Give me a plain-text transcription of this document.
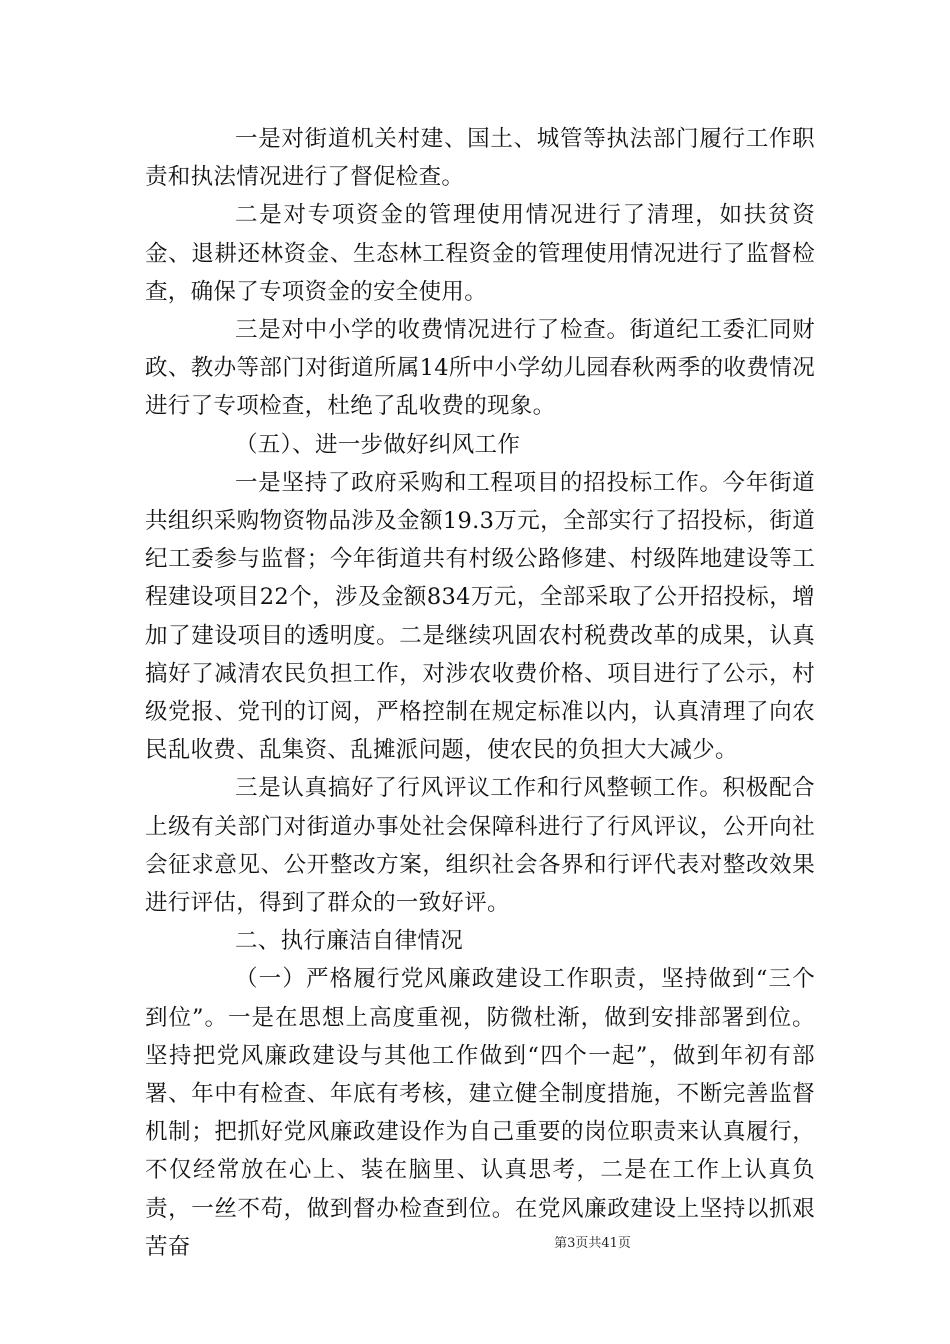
一是对街道机关村建、国土、城管等执法部门履行工作职责和执法情况进行了督促检查。

二是对专项资金的管理使用情况进行了清理，如扶贫资金、退耕还林资金、生态林工程资金的管理使用情况进行了监督检查，确保了专项资金的安全使用。

三是对中小学的收费情况进行了检查。街道纪工委汇同财政、教办等部门对街道所属14所中小学幼儿园春秋两季的收费情况进行了专项检查，杜绝了乱收费的现象。

（五）、进一步做好纠风工作

一是坚持了政府采购和工程项目的招投标工作。今年街道共组织采购物资物品涉及金额19.3万元，全部实行了招投标，街道纪工委参与监督；今年街道共有村级公路修建、村级阵地建设等工程建设项目22个，涉及金额834万元，全部采取了公开招投标，增加了建设项目的透明度。二是继续巩固农村税费改革的成果，认真搞好了减清农民负担工作，对涉农收费价格、项目进行了公示，村级党报、党刊的订阅，严格控制在规定标准以内，认真清理了向农民乱收费、乱集资、乱摊派问题，使农民的负担大大减少。

三是认真搞好了行风评议工作和行风整顿工作。积极配合上级有关部门对街道办事处社会保障科进行了行风评议，公开向社会征求意见、公开整改方案，组织社会各界和行评代表对整改效果进行评估，得到了群众的一致好评。

二、执行廉洁自律情况

（一）严格履行党风廉政建设工作职责，坚持做到“三个到位”。一是在思想上高度重视，防微杜渐，做到安排部署到位。坚持把党风廉政建设与其他工作做到“四个一起”，做到年初有部署、年中有检查、年底有考核，建立健全制度措施，不断完善监督机制；把抓好党风廉政建设作为自己重要的岗位职责来认真履行，不仅经常放在心上、装在脑里、认真思考，二是在工作上认真负责，一丝不苟，做到督办检查到位。在党风廉政建设上坚持以抓艰苦奋	第3页共41页
